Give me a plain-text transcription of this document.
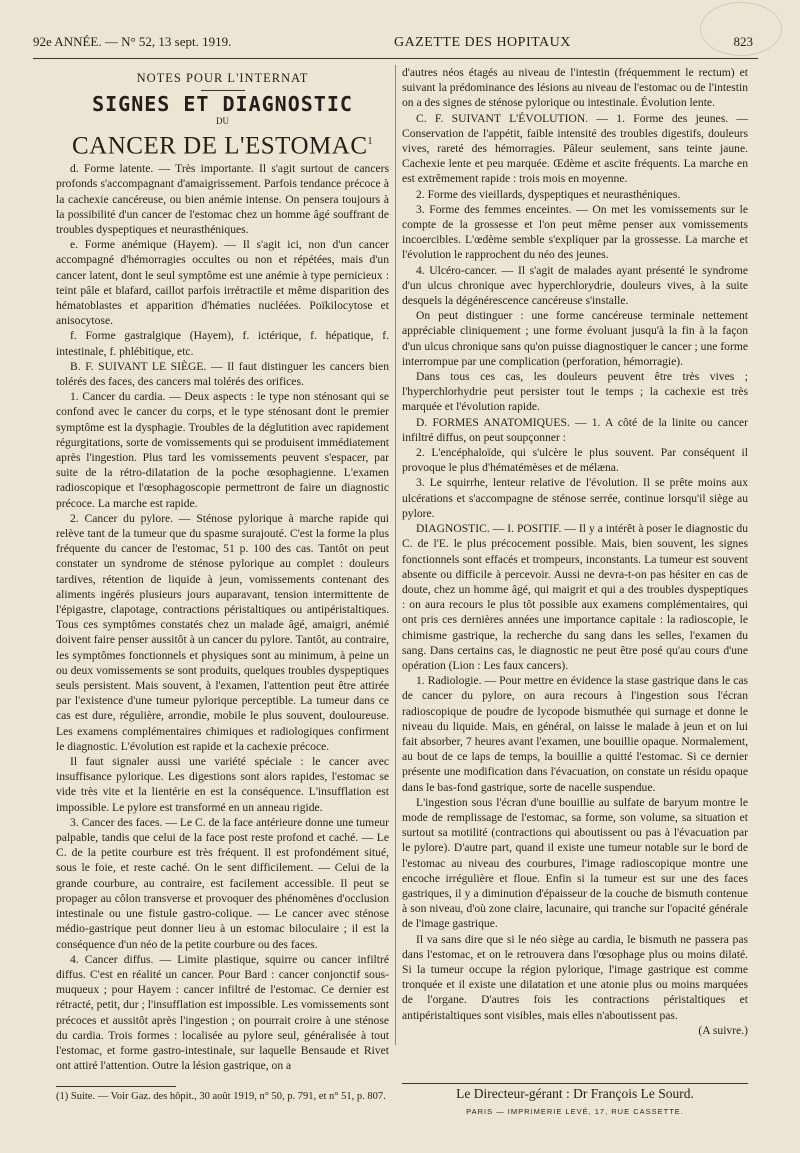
92e ANNÉE. — N° 52, 13 sept. 1919.	GAZETTE DES HOPITAUX	823
NOTES POUR L'INTERNAT
SIGNES ET DIAGNOSTIC
DU
CANCER DE L'ESTOMAC$^1$

d. Forme latente. — Très importante. Il s'agit surtout de cancers profonds s'accompagnant d'amaigrissement. Parfois tendance précoce à la cachexie cancéreuse, ou bien anémie intense. On pensera toujours à la possibilité d'un cancer de l'estomac chez un homme âgé souffrant de troubles dyspeptiques et neurasthéniques.

e. Forme anémique (Hayem). — Il s'agit ici, non d'un cancer accompagné d'hémorragies occultes ou non et répétées, mais d'un cancer latent, dont le seul symptôme est une anémie à type pernicieux : teint pâle et blafard, caillot parfois irrétractile et même disparition des hématoblastes et apparition d'hématies nucléées. Poïkilocytose et anisocytose.

f. Forme gastralgique (Hayem), f. ictérique, f. hépatique, f. intestinale, f. phlébitique, etc.

B. F. SUIVANT LE SIÈGE. — Il faut distinguer les cancers bien tolérés des faces, des cancers mal tolérés des orifices.

1. Cancer du cardia. — Deux aspects : le type non sténosant qui se confond avec le cancer du corps, et le type sténosant dont le premier symptôme est la dysphagie. Troubles de la déglutition avec rapidement régurgitations, sorte de vomissements qui se produisent immédiatement après l'ingestion. Plus tard les vomissements peuvent s'espacer, par suite de la rétro-dilatation de la poche œsophagienne. L'examen radioscopique et l'œsophagoscopie permettront de faire un diagnostic précoce. La marche est rapide.

2. Cancer du pylore. — Sténose pylorique à marche rapide qui relève tant de la tumeur que du spasme surajouté. C'est la forme la plus fréquente du cancer de l'estomac, 51 p. 100 des cas. Tantôt on peut constater un syndrome de sténose pylorique au complet : douleurs tardives, rétention de liquide à jeun, vomissements contenant des aliments ingérés plusieurs jours auparavant, tension intermittente de l'épigastre, clapotage, contractions péristaltiques ou antipéristaltiques. Tous ces symptômes constatés chez un malade âgé, amaigri, anémié doivent faire penser aussitôt à un cancer du pylore. Tantôt, au contraire, les symptômes fonctionnels et physiques sont au minimum, à peine un ou deux vomissements se sont produits, quelques troubles dyspeptiques seuls persistent. Mais souvent, à l'examen, l'attention peut être attirée par l'existence d'une tumeur pylorique perceptible. La tumeur dans ce cas est dure, régulière, arrondie, mobile le plus souvent, douloureuse. Les examens complémentaires chimiques et radiologiques confirment le diagnostic. L'évolution est rapide et la cachexie précoce.

Il faut signaler aussi une variété spéciale : le cancer avec insuffisance pylorique. Les digestions sont alors rapides, l'estomac se vide très vite et la lientérie en est la conséquence. L'insufflation est impossible. Le pylore est transformé en un anneau rigide.

3. Cancer des faces. — Le C. de la face antérieure donne une tumeur palpable, tandis que celui de la face post reste profond et caché. — Le C. de la petite courbure est très fréquent. Il est profondément situé, sous le foie, et reste caché. On le sent difficilement. — Celui de la grande courbure, au contraire, est facilement accessible. Il peut se propager au côlon transverse et provoquer des phénomènes d'occlusion intestinale ou une fistule gastro-colique. — Le cancer avec sténose médio-gastrique peut donner lieu à un estomac biloculaire ; il est la conséquence d'un néo de la petite courbure ou des faces.

4. Cancer diffus. — Limite plastique, squirre ou cancer infiltré diffus. C'est en réalité un cancer. Pour Bard : cancer conjonctif sous-muqueux ; pour Hayem : cancer infiltré de l'estomac. Ce dernier est rétracté, petit, dur ; l'insufflation est impossible. Les vomissements sont précoces et aussitôt après l'ingestion ; on pourrait croire à une sténose du cardia. Trois formes : localisée au pylore seul, généralisée à tout l'estomac, et forme gastro-intestinale, sur laquelle Bensaude et Rivet ont attiré l'attention. Outre la lésion gastrique, on a

(1) Suite. — Voir Gaz. des hôpit., 30 août 1919, n° 50, p. 791, et n° 51, p. 807.

d'autres néos étagés au niveau de l'intestin (fréquemment le rectum) et suivant la prédominance des lésions au niveau de l'estomac ou de l'intestin on a des signes de sténose pylorique ou intestinale. Évolution lente.

C. F. SUIVANT L'ÉVOLUTION. — 1. Forme des jeunes. — Conservation de l'appétit, faible intensité des troubles digestifs, douleurs vives, rareté des hémorragies. Pâleur seulement, sans teinte jaune. Cachexie lente et peu marquée. Œdème et ascite fréquents. La marche en est extrêmement rapide : trois mois en moyenne.

2. Forme des vieillards, dyspeptiques et neurasthéniques.

3. Forme des femmes enceintes. — On met les vomissements sur le compte de la grossesse et l'on peut même penser aux vomissements incoercibles. L'œdème semble s'expliquer par la grossesse. La marche et l'évolution le rapprochent du néo des jeunes.

4. Ulcéro-cancer. — Il s'agit de malades ayant présenté le syndrome d'un ulcus chronique avec hyperchlorydrie, douleurs vives, à la suite desquels la dégénérescence cancéreuse s'installe.

On peut distinguer : une forme cancéreuse terminale nettement appréciable cliniquement ; une forme évoluant jusqu'à la fin à la façon d'un ulcus chronique sans qu'on puisse diagnostiquer le cancer ; une forme interrompue par une complication (perforation, hémorragie).

Dans tous ces cas, les douleurs peuvent être très vives ; l'hyperchlorhydrie peut persister tout le temps ; la cachexie est très marquée et l'évolution rapide.

D. FORMES ANATOMIQUES. — 1. A côté de la linite ou cancer infiltré diffus, on peut soupçonner :

2. L'encéphaloïde, qui s'ulcère le plus souvent. Par conséquent il provoque le plus d'hématémèses et de mélæna.

3. Le squirrhe, lenteur relative de l'évolution. Il se prête moins aux ulcérations et s'accompagne de sténose serrée, continue lorsqu'il siège au pylore.

DIAGNOSTIC. — I. POSITIF. — Il y a intérêt à poser le diagnostic du C. de l'E. le plus précocement possible. Mais, bien souvent, les signes fonctionnels sont effacés et trompeurs, inconstants. La tumeur est souvent absente ou difficile à percevoir. Aussi ne devra-t-on pas hésiter en cas de doute, chez un homme âgé, qui maigrit et qui a des troubles dyspeptiques : on aura recours le plus tôt possible aux examens complémentaires, qui ont pris ces dernières années une importance capitale : la radioscopie, le chimisme gastrique, la recherche du sang dans les selles, l'examen du sang. Dans certains cas, le diagnostic ne peut être posé qu'au cours d'une opération (Lion : Les faux cancers).

1. Radiologie. — Pour mettre en évidence la stase gastrique dans le cas de cancer du pylore, on aura recours à l'ingestion sous l'écran radioscopique de poudre de lycopode bismuthée qui surnage et donne le niveau du liquide. Mais, en général, on laisse le malade à jeun et on lui fait absorber, 7 heures avant l'examen, une bouillie opaque. Normalement, au bout de ce laps de temps, la bouillie a quitté l'estomac. Si ce dernier présente une modification dans l'évacuation, on constate un résidu opaque dans le bas-fond gastrique, sorte de nacelle suspendue.

L'ingestion sous l'écran d'une bouillie au sulfate de baryum montre le mode de remplissage de l'estomac, sa forme, son volume, sa situation et surtout sa motilité (contractions qui aboutissent ou pas à l'évacuation par le pylore). D'autre part, quand il existe une tumeur notable sur le bord de l'estomac au niveau des courbures, l'image radioscopique montre une encoche irrégulière et floue. Enfin si la tumeur est sur une des faces gastriques, il y a diminution d'épaisseur de la couche de bismuth contenue à son niveau, d'où zone claire, lacunaire, qui tranche sur l'opacité générale de l'image gastrique.

Il va sans dire que si le néo siège au cardia, le bismuth ne passera pas dans l'estomac, et on le retrouvera dans l'œsophage plus ou moins dilaté. Si la tumeur occupe la région pylorique, l'image gastrique est comme tronquée et il existe une dilatation et une atonie plus ou moins marquées de l'organe. D'autres fois les contractions péristaltiques et antipéristaltiques sont visibles, mais elles n'aboutissent pas.

(A suivre.)

Le Directeur-gérant : Dr François Le Sourd.
PARIS — IMPRIMERIE LEVÉ, 17, RUE CASSETTE.
